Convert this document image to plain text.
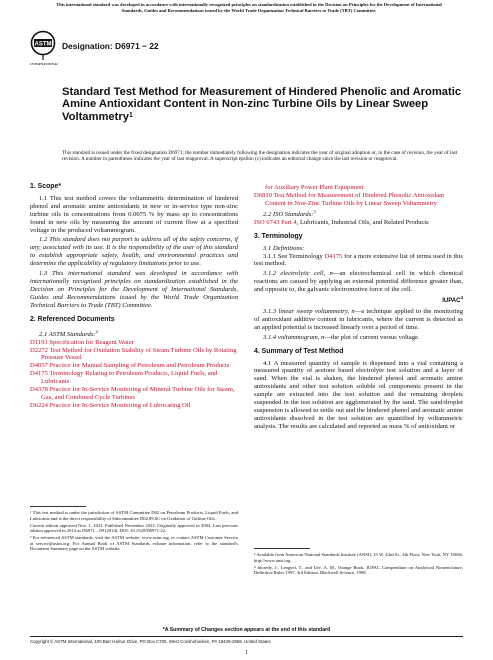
This international standard was developed in accordance with internationally recognized principles on standardization established in the Decision on Principles for the Development of International Standards, Guides and Recommendations issued by the World Trade Organization Technical Barriers to Trade (TBT) Committee.
ASTM
INTERNATIONAL
Designation: D6971 − 22
Standard Test Method for Measurement of Hindered Phenolic and Aromatic Amine Antioxidant Content in Non-zinc Turbine Oils by Linear Sweep Voltammetry$^1$
This standard is issued under the fixed designation D6971; the number immediately following the designation indicates the year of original adoption or, in the case of revision, the year of last revision. A number in parentheses indicates the year of last reapproval. A superscript epsilon (ε) indicates an editorial change since the last revision or reapproval.

1. Scope*

1.1 This test method covers the voltammetric determination of hindered phenol and aromatic amine antioxidants in new or in-service type non-zinc turbine oils in concentrations from 0.0075 % by mass up to concentrations found in new oils by measuring the amount of current flow at a specified voltage in the produced voltammogram.

1.2 This standard does not purport to address all of the safety concerns, if any, associated with its use. It is the responsibility of the user of this standard to establish appropriate safety, health, and environmental practices and determine the applicability of regulatory limitations prior to use.

1.3 This international standard was developed in accordance with internationally recognized principles on standardization established in the Decision on Principles for the Development of International Standards, Guides and Recommendations issued by the World Trade Organization Technical Barriers to Trade (TBT) Committee.

2. Referenced Documents

2.1 ASTM Standards:$^2$

D1193 Specification for Reagent Water

D2272 Test Method for Oxidation Stability of Steam Turbine Oils by Rotating Pressure Vessel

D4057 Practice for Manual Sampling of Petroleum and Petroleum Products

D4175 Terminology Relating to Petroleum Products, Liquid Fuels, and Lubricants

D4378 Practice for In-Service Monitoring of Mineral Turbine Oils for Steam, Gas, and Combined Cycle Turbines

D6224 Practice for In-Service Monitoring of Lubricating Oil

¹ This test method is under the jurisdiction of ASTM Committee D02 on Petroleum Products, Liquid Fuels, and Lubricants and is the direct responsibility of Subcommittee D02.09.0C on Oxidation of Turbine Oils.

Current edition approved Nov. 1, 2022. Published November 2022. Originally approved in 2004. Last previous edition approved in 2014 as D6971 – 09 (2014). DOI: 10.1520/D6971-22.

² For referenced ASTM standards, visit the ASTM website, www.astm.org, or contact ASTM Customer Service at service@astm.org. For Annual Book of ASTM Standards volume information, refer to the standard's Document Summary page on the ASTM website.

for Auxiliary Power Plant Equipment

D6810 Test Method for Measurement of Hindered Phenolic Antioxidant Content in Non-Zinc Turbine Oils by Linear Sweep Voltammetry

2.2 ISO Standards:$^3$

ISO 6743 Part 4, Lubricants, Industrial Oils, and Related Products

3. Terminology

3.1 Definitions:

3.1.1 See Terminology D4175 for a more extensive list of terms used in this test method.

3.1.2 electrolytic cell, n—an electrochemical cell in which chemical reactions are caused by applying an external potential difference greater than, and opposite to, the galvanic electromotive force of the cell.

IUPAC$^4$

3.1.3 linear sweep voltammetry, n—a technique applied to the monitoring of antioxidant additive content in lubricants, where the current is detected as an applied potential is increased linearly over a period of time.

3.1.4 voltammogram, n—the plot of current versus voltage.

4. Summary of Test Method

4.1 A measured quantity of sample is dispensed into a vial containing a measured quantity of acetone based electrolyte test solution and a layer of sand. When the vial is shaken, the hindered phenol and aromatic amine antioxidants and other test solution soluble oil components present in the sample are extracted into the test solution and the remaining droplets suspended in the test solution are agglomerated by the sand. The sand/droplet suspension is allowed to settle out and the hindered phenol and aromatic amine antioxidants dissolved in the test solution are quantified by voltammetric analysis. The results are calculated and reported as mass % of antioxidant or

³ Available from American National Standards Institute (ANSI), 25 W. 43rd St., 4th Floor, New York, NY 10036, http://www.ansi.org.

⁴ Inczedy, J., Lengyel, T., and Ure, A. M., Orange Book: IUPAC Compendium on Analytical Nomenclature, Definitive Rules 1997, 3rd Edition, Blackwell Science, 1998.

*A Summary of Changes section appears at the end of this standard
Copyright © ASTM International, 100 Barr Harbor Drive, PO Box C700, West Conshohocken, PA 19428-2959. United States
1
